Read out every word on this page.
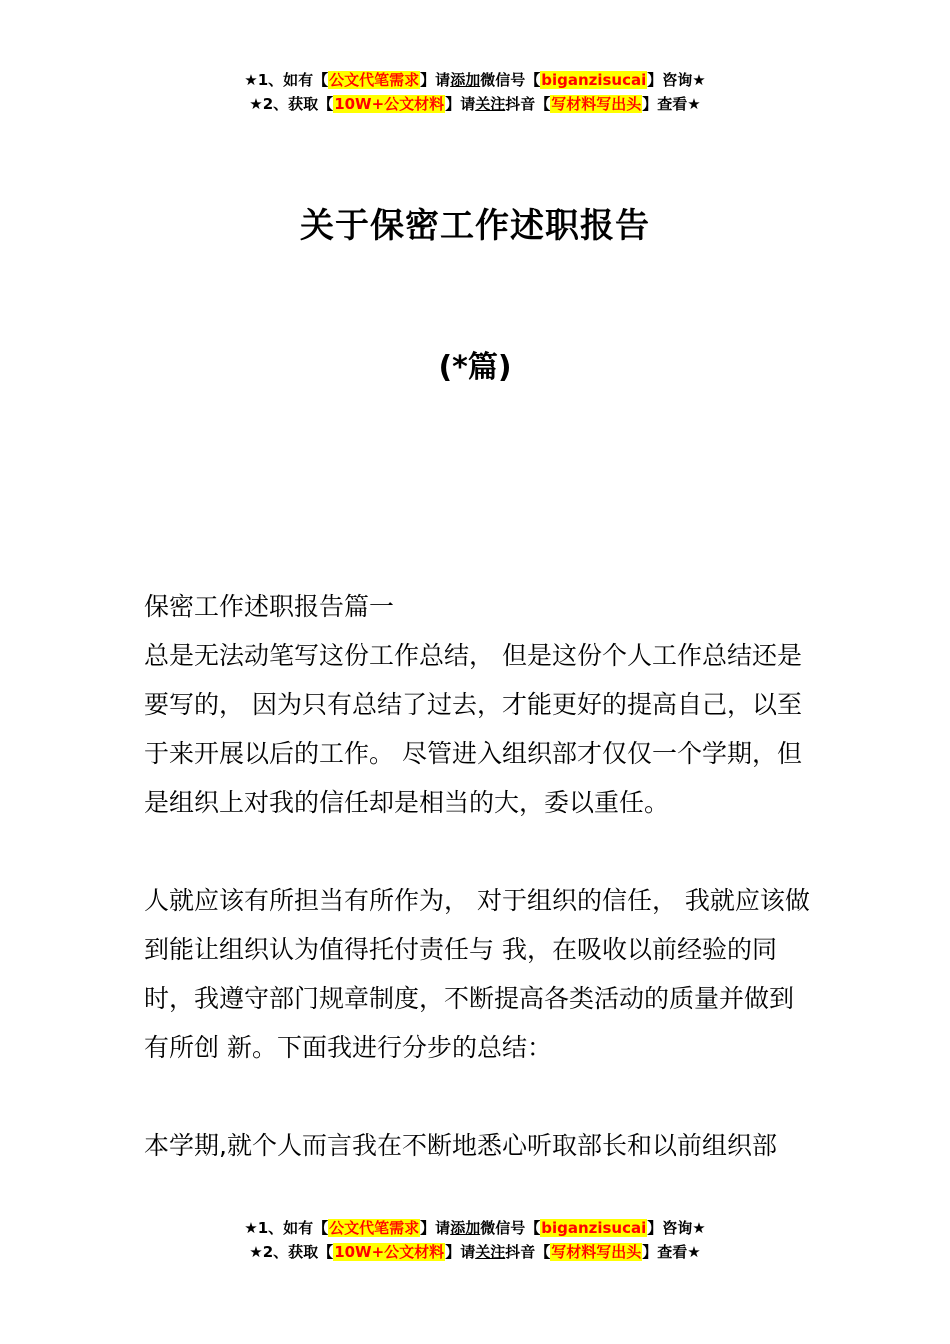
★1、如有【公文代笔需求】请添加微信号【biganzisucai】咨询★
★2、获取【10W+公文材料】请关注抖音【写材料写出头】查看★
关于保密工作述职报告
(*篇)

保密工作述职报告篇一

总是无法动笔写这份工作总结， 但是这份个人工作总结还是要写的， 因为只有总结了过去，才能更好的提高自己，以至于来开展以后的工作。 尽管进入组织部才仅仅一个学期，但是组织上对我的信任却是相当的大，委以重任。

人就应该有所担当有所作为， 对于组织的信任， 我就应该做到能让组织认为值得托付责任与 我，在吸收以前经验的同时，我遵守部门规章制度，不断提高各类活动的质量并做到有所创 新。下面我进行分步的总结：

本学期,就个人而言我在不断地悉心听取部长和以前组织部

★1、如有【公文代笔需求】请添加微信号【biganzisucai】咨询★
★2、获取【10W+公文材料】请关注抖音【写材料写出头】查看★
